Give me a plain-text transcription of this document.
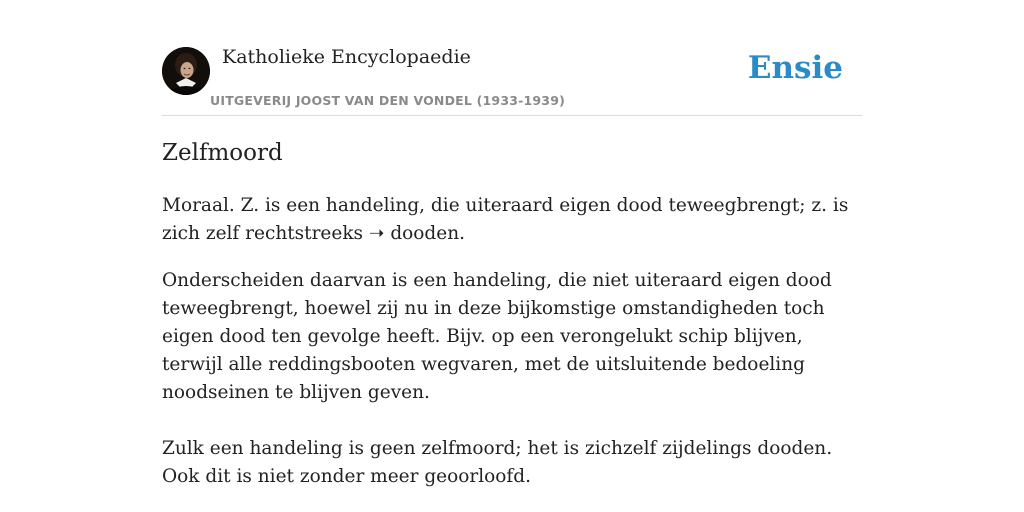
Katholieke Encyclopaedie
UITGEVERIJ JOOST VAN DEN VONDEL (1933-1939)
Ensie
Zelfmoord

Moraal. Z. is een handeling, die uiteraard eigen dood teweegbrengt; z. is zich zelf rechtstreeks ➝ dooden.

Onderscheiden daarvan is een handeling, die niet uiteraard eigen dood teweegbrengt, hoewel zij nu in deze bijkomstige omstandigheden toch eigen dood ten gevolge heeft. Bijv. op een verongelukt schip blijven, terwijl alle reddingsbooten wegvaren, met de uitsluitende bedoeling noodseinen te blijven geven.

Zulk een handeling is geen zelfmoord; het is zichzelf zijdelings dooden. Ook dit is niet zonder meer geoorloofd.
